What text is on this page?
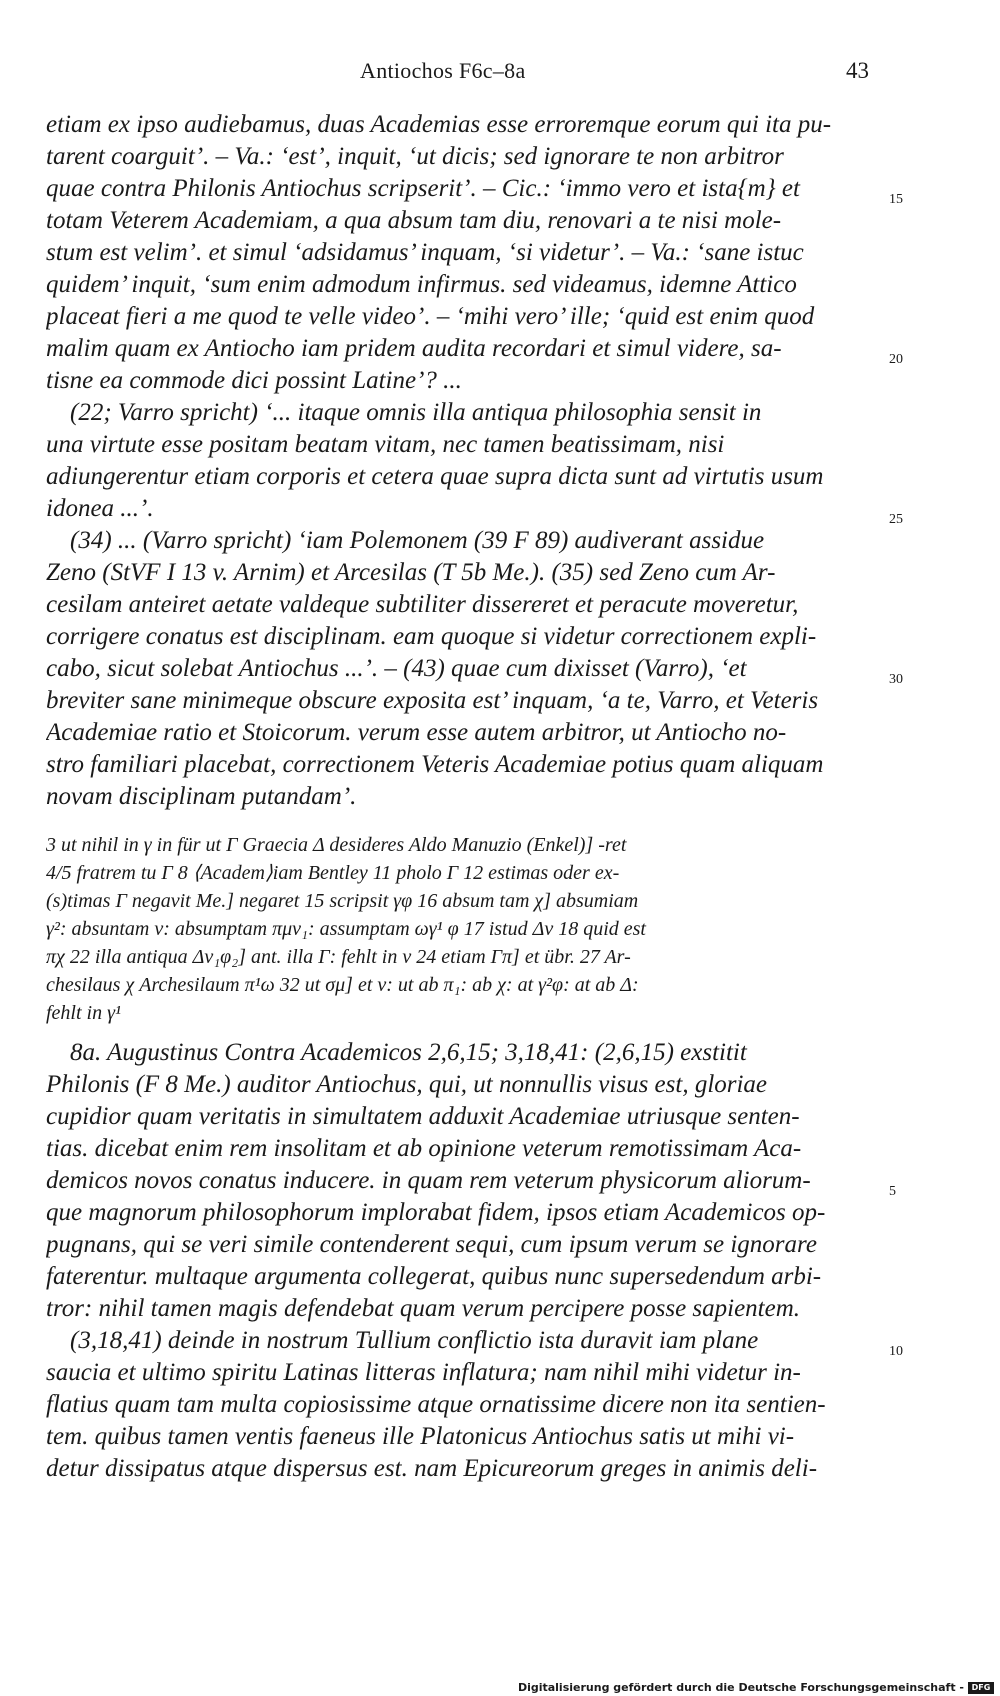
Antiochos F6c–8a	43
etiam ex ipso audiebamus, duas Academias esse erroremque eorum qui ita pu-
tarent coarguit’. – Va.: ‘est’, inquit, ‘ut dicis; sed ignorare te non arbitror
quae contra Philonis Antiochus scripserit’. – Cic.: ‘immo vero et ista{m} et
totam Veterem Academiam, a qua absum tam diu, renovari a te nisi mole-
stum est velim’. et simul ‘adsidamus’ inquam, ‘si videtur’. – Va.: ‘sane istuc
quidem’ inquit, ‘sum enim admodum infirmus. sed videamus, idemne Attico
placeat fieri a me quod te velle video’. – ‘mihi vero’ ille; ‘quid est enim quod
malim quam ex Antiocho iam pridem audita recordari et simul videre, sa-
tisne ea commode dici possint Latine’? ...
(22; Varro spricht) ‘... itaque omnis illa antiqua philosophia sensit in
una virtute esse positam beatam vitam, nec tamen beatissimam, nisi
adiungerentur etiam corporis et cetera quae supra dicta sunt ad virtutis usum
idonea ...’.
(34) ... (Varro spricht) ‘iam Polemonem (39 F 89) audiverant assidue
Zeno (StVF I 13 v. Arnim) et Arcesilas (T 5b Me.). (35) sed Zeno cum Ar-
cesilam anteiret aetate valdeque subtiliter dissereret et peracute moveretur,
corrigere conatus est disciplinam. eam quoque si videtur correctionem expli-
cabo, sicut solebat Antiochus ...’. – (43) quae cum dixisset (Varro), ‘et
breviter sane minimeque obscure exposita est’ inquam, ‘a te, Varro, et Veteris
Academiae ratio et Stoicorum. verum esse autem arbitror, ut Antiocho no-
stro familiari placebat, correctionem Veteris Academiae potius quam aliquam
novam disciplinam putandam’.
15
20
25
30
3 ut nihil in γ in für ut Γ Graecia Δ desideres Aldo Manuzio (Enkel)] -ret
4/5 fratrem tu Γ 8 ⟨Academ⟩iam Bentley 11 pholo Γ 12 estimas oder ex-
(s)timas Γ negavit Me.] negaret 15 scripsit γφ 16 absum tam χ] absumiam
γ²: absuntam ν: absumptam πμν₁: assumptam ωγ¹ φ 17 istud Δν 18 quid est
πχ 22 illa antiqua Δν₁φ₂] ant. illa Γ: fehlt in ν 24 etiam Γπ] et übr. 27 Ar-
chesilaus χ Archesilaum π¹ω 32 ut σμ] et ν: ut ab π₁: ab χ: at γ²φ: at ab Δ:
fehlt in γ¹
8a. Augustinus Contra Academicos 2,6,15; 3,18,41: (2,6,15) exstitit
Philonis (F 8 Me.) auditor Antiochus, qui, ut nonnullis visus est, gloriae
cupidior quam veritatis in simultatem adduxit Academiae utriusque senten-
tias. dicebat enim rem insolitam et ab opinione veterum remotissimam Aca-
demicos novos conatus inducere. in quam rem veterum physicorum aliorum-
que magnorum philosophorum implorabat fidem, ipsos etiam Academicos op-
pugnans, qui se veri simile contenderent sequi, cum ipsum verum se ignorare
faterentur. multaque argumenta collegerat, quibus nunc supersedendum arbi-
tror: nihil tamen magis defendebat quam verum percipere posse sapientem.
(3,18,41) deinde in nostrum Tullium conflictio ista duravit iam plane
saucia et ultimo spiritu Latinas litteras inflatura; nam nihil mihi videtur in-
flatius quam tam multa copiosissime atque ornatissime dicere non ita sentien-
tem. quibus tamen ventis faeneus ille Platonicus Antiochus satis ut mihi vi-
detur dissipatus atque dispersus est. nam Epicureorum greges in animis deli-
5
10
Digitalisierung gefördert durch die Deutsche Forschungsgemeinschaft - DFG
